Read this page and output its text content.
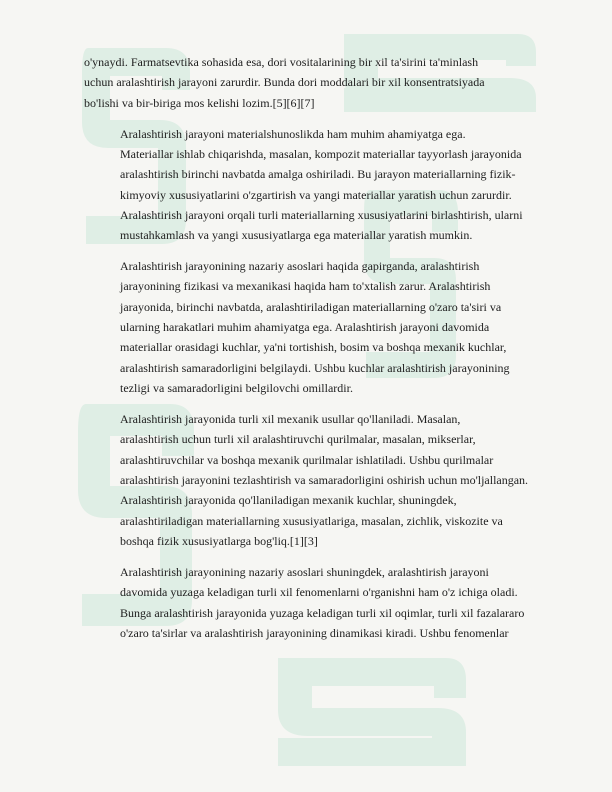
o'ynaydi. Farmatsevtika sohasida esa, dori vositalarining bir xil ta'sirini ta'minlash
uchun aralashtirish jarayoni zarurdir. Bunda dori moddalari bir xil konsentratsiyada
bo'lishi va bir-biriga mos kelishi lozim.[5][6][7]

Aralashtirish jarayoni materialshunoslikda ham muhim ahamiyatga ega.
Materiallar ishlab chiqarishda, masalan, kompozit materiallar tayyorlash jarayonida
aralashtirish birinchi navbatda amalga oshiriladi. Bu jarayon materiallarning fizik-
kimyoviy xususiyatlarini o'zgartirish va yangi materiallar yaratish uchun zarurdir.
Aralashtirish jarayoni orqali turli materiallarning xususiyatlarini birlashtirish, ularni
mustahkamlash va yangi xususiyatlarga ega materiallar yaratish mumkin.

Aralashtirish jarayonining nazariy asoslari haqida gapirganda, aralashtirish
jarayonining fizikasi va mexanikasi haqida ham to'xtalish zarur. Aralashtirish
jarayonida, birinchi navbatda, aralashtiriladigan materiallarning o'zaro ta'siri va
ularning harakatlari muhim ahamiyatga ega. Aralashtirish jarayoni davomida
materiallar orasidagi kuchlar, ya'ni tortishish, bosim va boshqa mexanik kuchlar,
aralashtirish samaradorligini belgilaydi. Ushbu kuchlar aralashtirish jarayonining
tezligi va samaradorligini belgilovchi omillardir.

Aralashtirish jarayonida turli xil mexanik usullar qo'llaniladi. Masalan,
aralashtirish uchun turli xil aralashtiruvchi qurilmalar, masalan, mikserlar,
aralashtiruvchilar va boshqa mexanik qurilmalar ishlatiladi. Ushbu qurilmalar
aralashtirish jarayonini tezlashtirish va samaradorligini oshirish uchun mo'ljallangan.
Aralashtirish jarayonida qo'llaniladigan mexanik kuchlar, shuningdek,
aralashtiriladigan materiallarning xususiyatlariga, masalan, zichlik, viskozite va
boshqa fizik xususiyatlarga bog'liq.[1][3]

Aralashtirish jarayonining nazariy asoslari shuningdek, aralashtirish jarayoni
davomida yuzaga keladigan turli xil fenomenlarni o'rganishni ham o'z ichiga oladi.
Bunga aralashtirish jarayonida yuzaga keladigan turli xil oqimlar, turli xil fazalararo
o'zaro ta'sirlar va aralashtirish jarayonining dinamikasi kiradi. Ushbu fenomenlar
